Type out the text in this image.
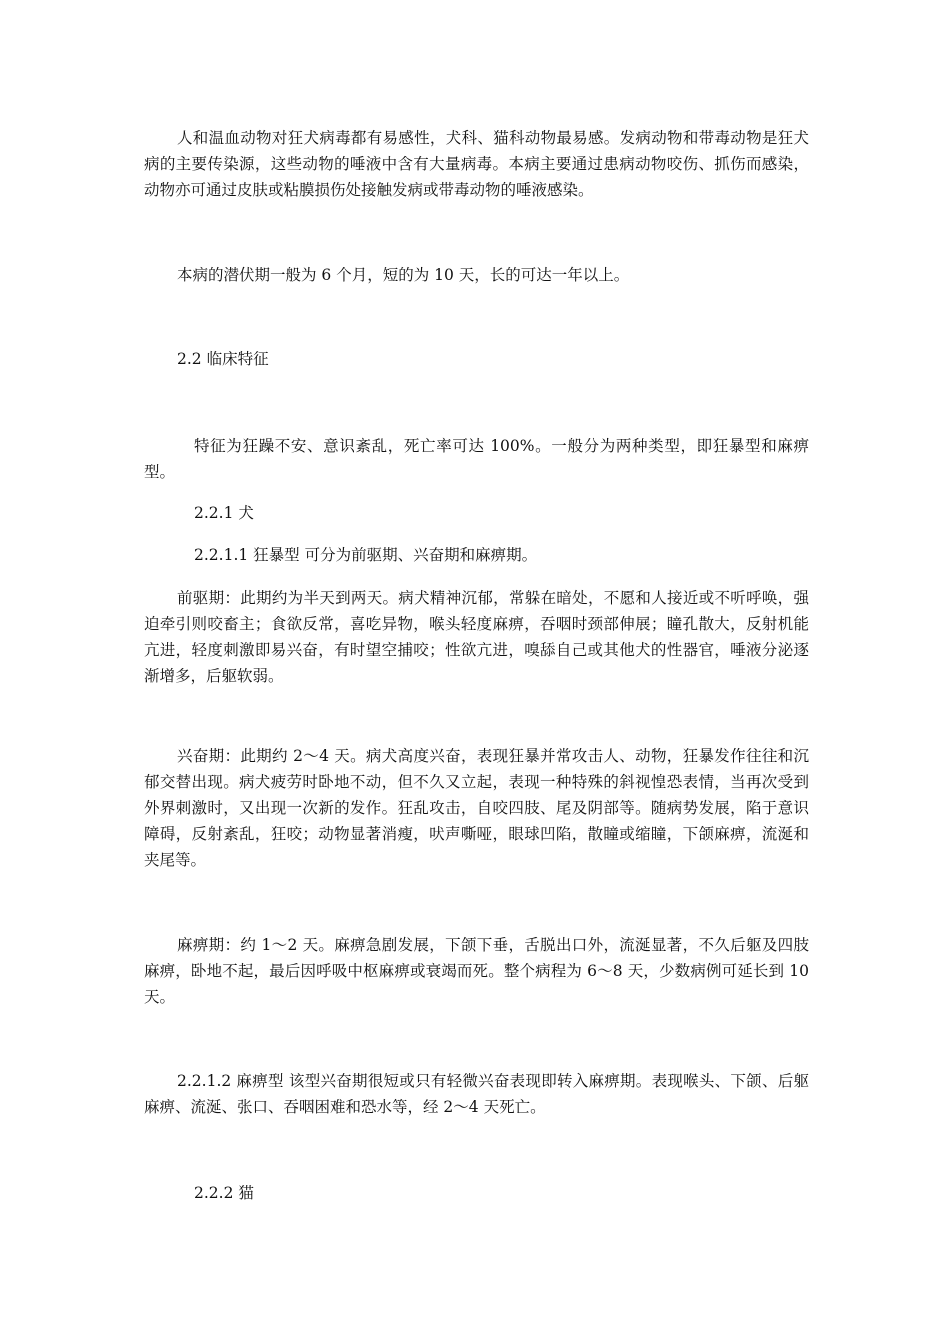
人和温血动物对狂犬病毒都有易感性，犬科、猫科动物最易感。发病动物和带毒动物是狂犬病的主要传染源，这些动物的唾液中含有大量病毒。本病主要通过患病动物咬伤、抓伤而感染，动物亦可通过皮肤或粘膜损伤处接触发病或带毒动物的唾液感染。

本病的潜伏期一般为 6 个月，短的为 10 天，长的可达一年以上。

2.2 临床特征

特征为狂躁不安、意识紊乱，死亡率可达 100%。一般分为两种类型，即狂暴型和麻痹型。

2.2.1 犬
2.2.1.1 狂暴型 可分为前驱期、兴奋期和麻痹期。

前驱期：此期约为半天到两天。病犬精神沉郁，常躲在暗处，不愿和人接近或不听呼唤，强迫牵引则咬畜主；食欲反常，喜吃异物，喉头轻度麻痹，吞咽时颈部伸展；瞳孔散大，反射机能亢进，轻度刺激即易兴奋，有时望空捕咬；性欲亢进，嗅舔自己或其他犬的性器官，唾液分泌逐渐增多，后躯软弱。

兴奋期：此期约 2～4 天。病犬高度兴奋，表现狂暴并常攻击人、动物，狂暴发作往往和沉郁交替出现。病犬疲劳时卧地不动，但不久又立起，表现一种特殊的斜视惶恐表情，当再次受到外界刺激时，又出现一次新的发作。狂乱攻击，自咬四肢、尾及阴部等。随病势发展，陷于意识障碍，反射紊乱，狂咬；动物显著消瘦，吠声嘶哑，眼球凹陷，散瞳或缩瞳，下颌麻痹，流涎和夹尾等。

麻痹期：约 1～2 天。麻痹急剧发展，下颌下垂，舌脱出口外，流涎显著，不久后躯及四肢麻痹，卧地不起，最后因呼吸中枢麻痹或衰竭而死。整个病程为 6～8 天，少数病例可延长到 10 天。

2.2.1.2 麻痹型 该型兴奋期很短或只有轻微兴奋表现即转入麻痹期。表现喉头、下颌、后躯麻痹、流涎、张口、吞咽困难和恐水等，经 2～4 天死亡。

2.2.2 猫
